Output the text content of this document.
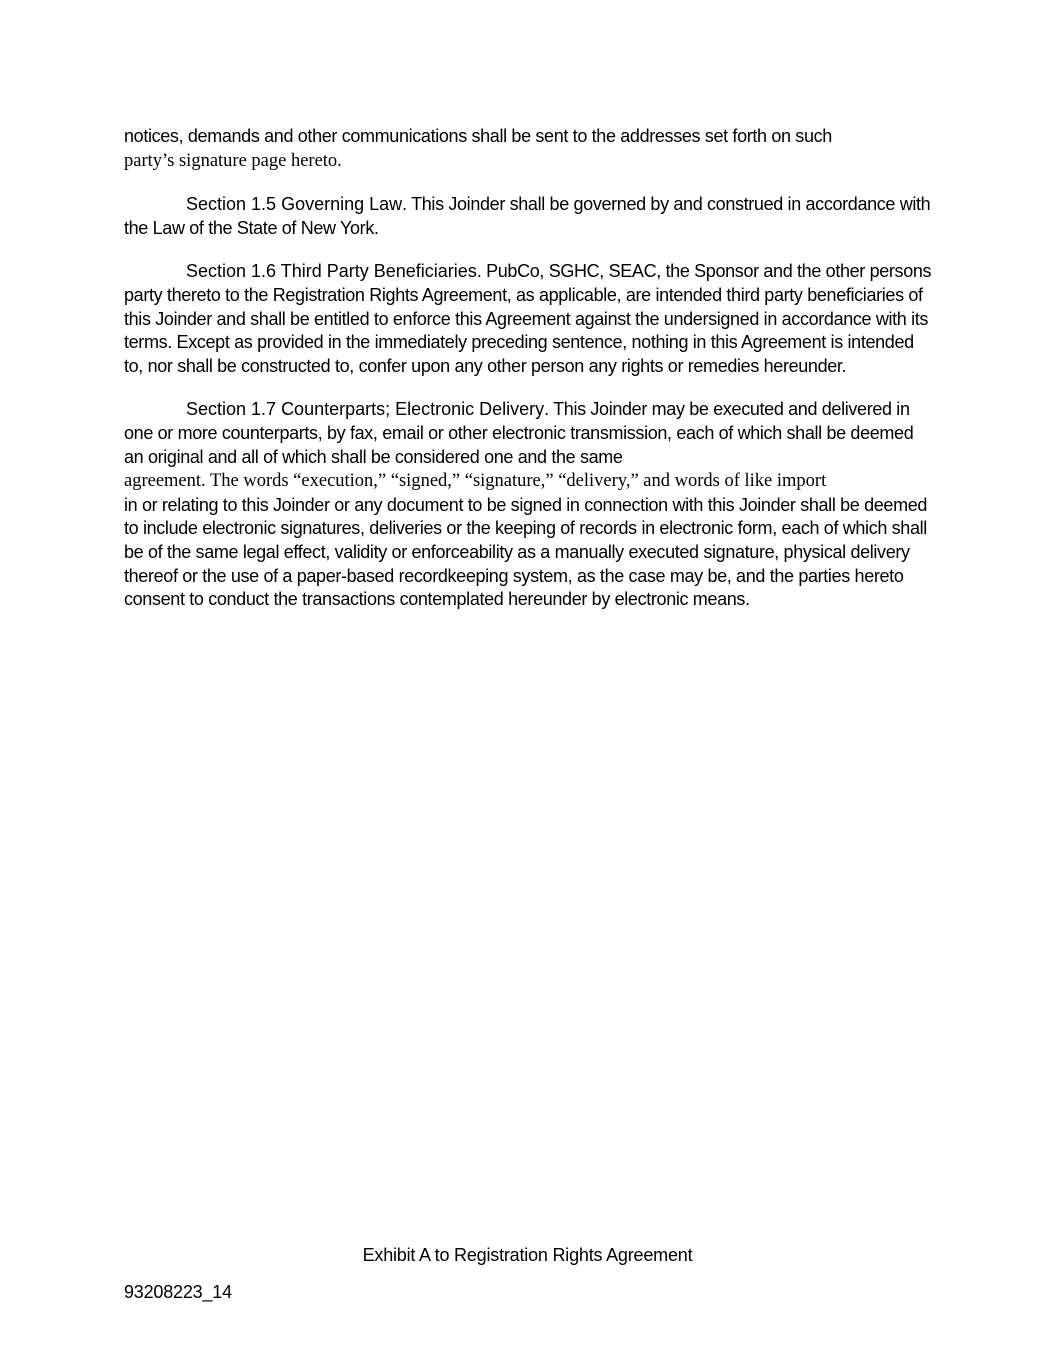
notices, demands and other communications shall be sent to the addresses set forth on such
party’s signature page hereto.

Section 1.5 Governing Law. This Joinder shall be governed by and construed in accordance with the Law of the State of New York.

Section 1.6 Third Party Beneficiaries. PubCo, SGHC, SEAC, the Sponsor and the other persons party thereto to the Registration Rights Agreement, as applicable, are intended third party beneficiaries of this Joinder and shall be entitled to enforce this Agreement against the undersigned in accordance with its terms. Except as provided in the immediately preceding sentence, nothing in this Agreement is intended to, nor shall be constructed to, confer upon any other person any rights or remedies hereunder.

Section 1.7 Counterparts; Electronic Delivery. This Joinder may be executed and delivered in one or more counterparts, by fax, email or other electronic transmission, each of which shall be deemed an original and all of which shall be considered one and the same
agreement. The words “execution,” “signed,” “signature,” “delivery,” and words of like import
in or relating to this Joinder or any document to be signed in connection with this Joinder shall be deemed to include electronic signatures, deliveries or the keeping of records in electronic form, each of which shall be of the same legal effect, validity or enforceability as a manually executed signature, physical delivery thereof or the use of a paper-based recordkeeping system, as the case may be, and the parties hereto consent to conduct the transactions contemplated hereunder by electronic means.

Exhibit A to Registration Rights Agreement
93208223_14
